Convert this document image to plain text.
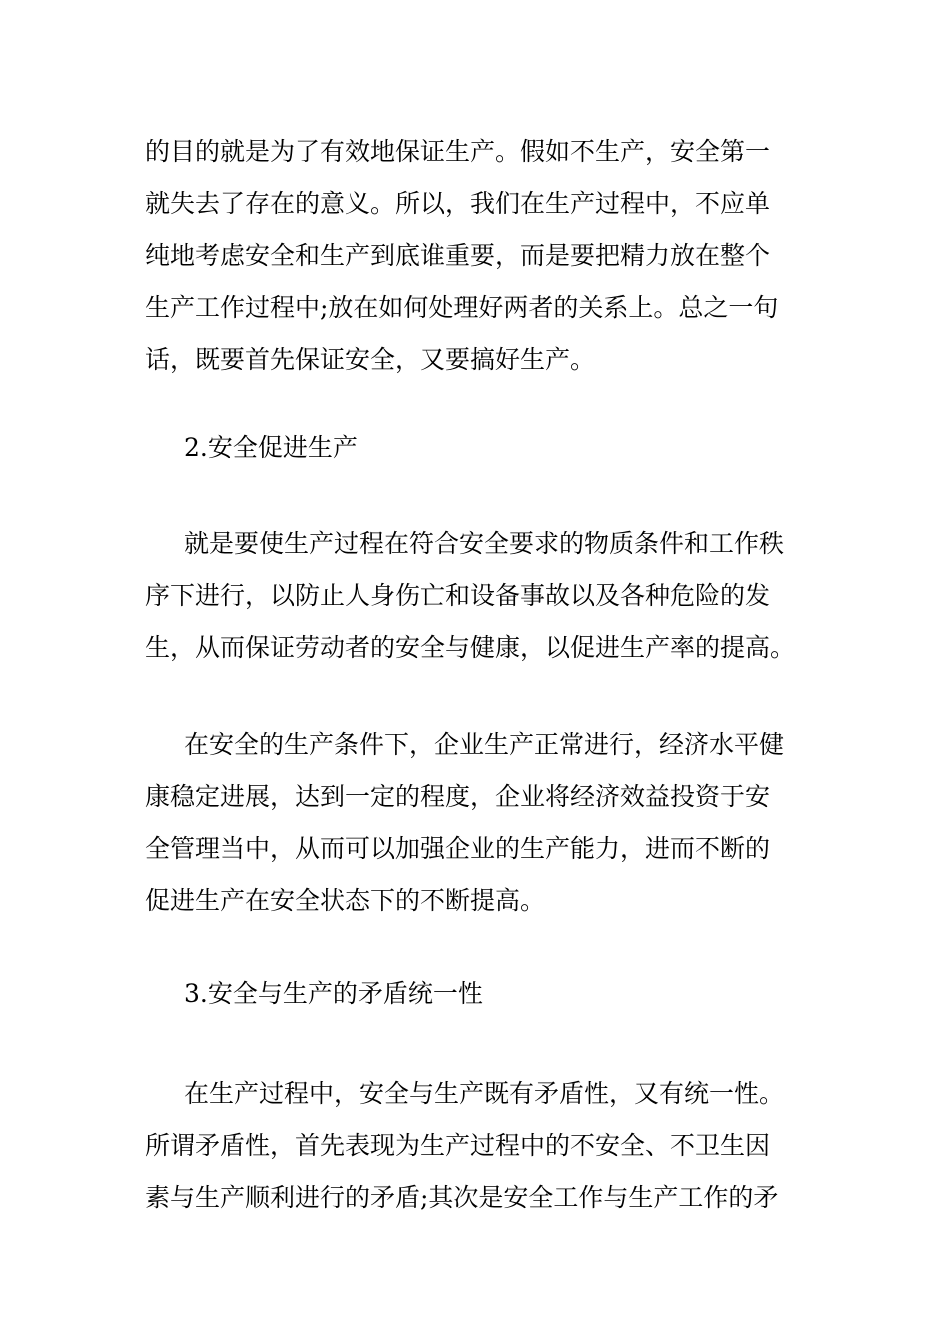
的目的就是为了有效地保证生产。假如不生产，安全第一
就失去了存在的意义。所以，我们在生产过程中，不应单
纯地考虑安全和生产到底谁重要，而是要把精力放在整个
生产工作过程中;放在如何处理好两者的关系上。总之一句
话，既要首先保证安全，又要搞好生产。
2.安全促进生产
就是要使生产过程在符合安全要求的物质条件和工作秩
序下进行，以防止人身伤亡和设备事故以及各种危险的发
生，从而保证劳动者的安全与健康，以促进生产率的提高。
在安全的生产条件下，企业生产正常进行，经济水平健
康稳定进展，达到一定的程度，企业将经济效益投资于安
全管理当中，从而可以加强企业的生产能力，进而不断的
促进生产在安全状态下的不断提高。
3.安全与生产的矛盾统一性
在生产过程中，安全与生产既有矛盾性，又有统一性。
所谓矛盾性，首先表现为生产过程中的不安全、不卫生因
素与生产顺利进行的矛盾;其次是安全工作与生产工作的矛
